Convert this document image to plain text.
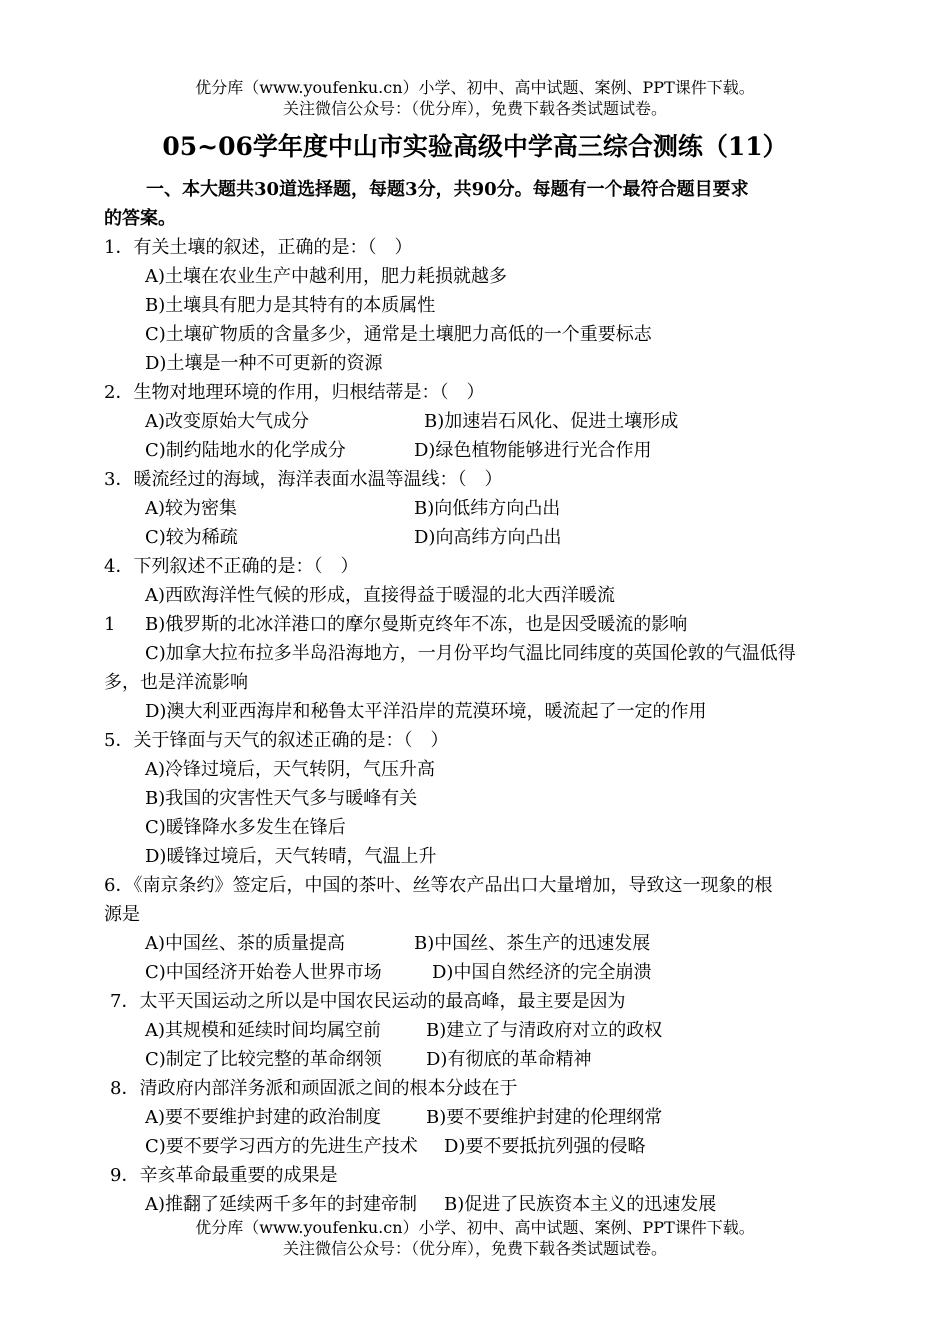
优分库（www.youfenku.cn）小学、初中、高中试题、案例、PPT课件下载。
关注微信公众号：（优分库），免费下载各类试题试卷。
05~06学年度中山市实验高级中学高三综合测练（11）
一、本大题共30道选择题，每题3分，共90分。每题有一个最符合题目要求
的答案。
1．有关土壤的叙述，正确的是：（　）
A)土壤在农业生产中越利用，肥力耗损就越多
B)土壤具有肥力是其特有的本质属性
C)土壤矿物质的含量多少，通常是土壤肥力高低的一个重要标志
D)土壤是一种不可更新的资源
2．生物对地理环境的作用，归根结蒂是：（　）
A)改变原始大气成分	B)加速岩石风化、促进土壤形成
C)制约陆地水的化学成分	D)绿色植物能够进行光合作用
3．暖流经过的海域，海洋表面水温等温线：（　）
A)较为密集	B)向低纬方向凸出
C)较为稀疏	D)向高纬方向凸出
4．下列叙述不正确的是：（　）
A)西欧海洋性气候的形成，直接得益于暖湿的北大西洋暖流
1 B)俄罗斯的北冰洋港口的摩尔曼斯克终年不冻，也是因受暖流的影响
C)加拿大拉布拉多半岛沿海地方，一月份平均气温比同纬度的英国伦敦的气温低得
多，也是洋流影响
D)澳大利亚西海岸和秘鲁太平洋沿岸的荒漠环境，暖流起了一定的作用
5．关于锋面与天气的叙述正确的是：（　）
A)冷锋过境后，天气转阴，气压升高
B)我国的灾害性天气多与暖峰有关
C)暖锋降水多发生在锋后
D)暖锋过境后，天气转晴，气温上升
6．《南京条约》签定后，中国的茶叶、丝等农产品出口大量增加，导致这一现象的根
源是
A)中国丝、茶的质量提高	B)中国丝、茶生产的迅速发展
C)中国经济开始卷人世界市场	D)中国自然经济的完全崩溃
7．太平天国运动之所以是中国农民运动的最高峰，最主要是因为
A)其规模和延续时间均属空前 B)建立了与清政府对立的政权
C)制定了比较完整的革命纲领 D)有彻底的革命精神
8．清政府内部洋务派和顽固派之间的根本分歧在于
A)要不要维护封建的政治制度 B)要不要维护封建的伦理纲常
C)要不要学习西方的先进生产技术 D)要不要抵抗列强的侵略
9．辛亥革命最重要的成果是
A)推翻了延续两千多年的封建帝制 B)促进了民族资本主义的迅速发展
优分库（www.youfenku.cn）小学、初中、高中试题、案例、PPT课件下载。
关注微信公众号：（优分库），免费下载各类试题试卷。
